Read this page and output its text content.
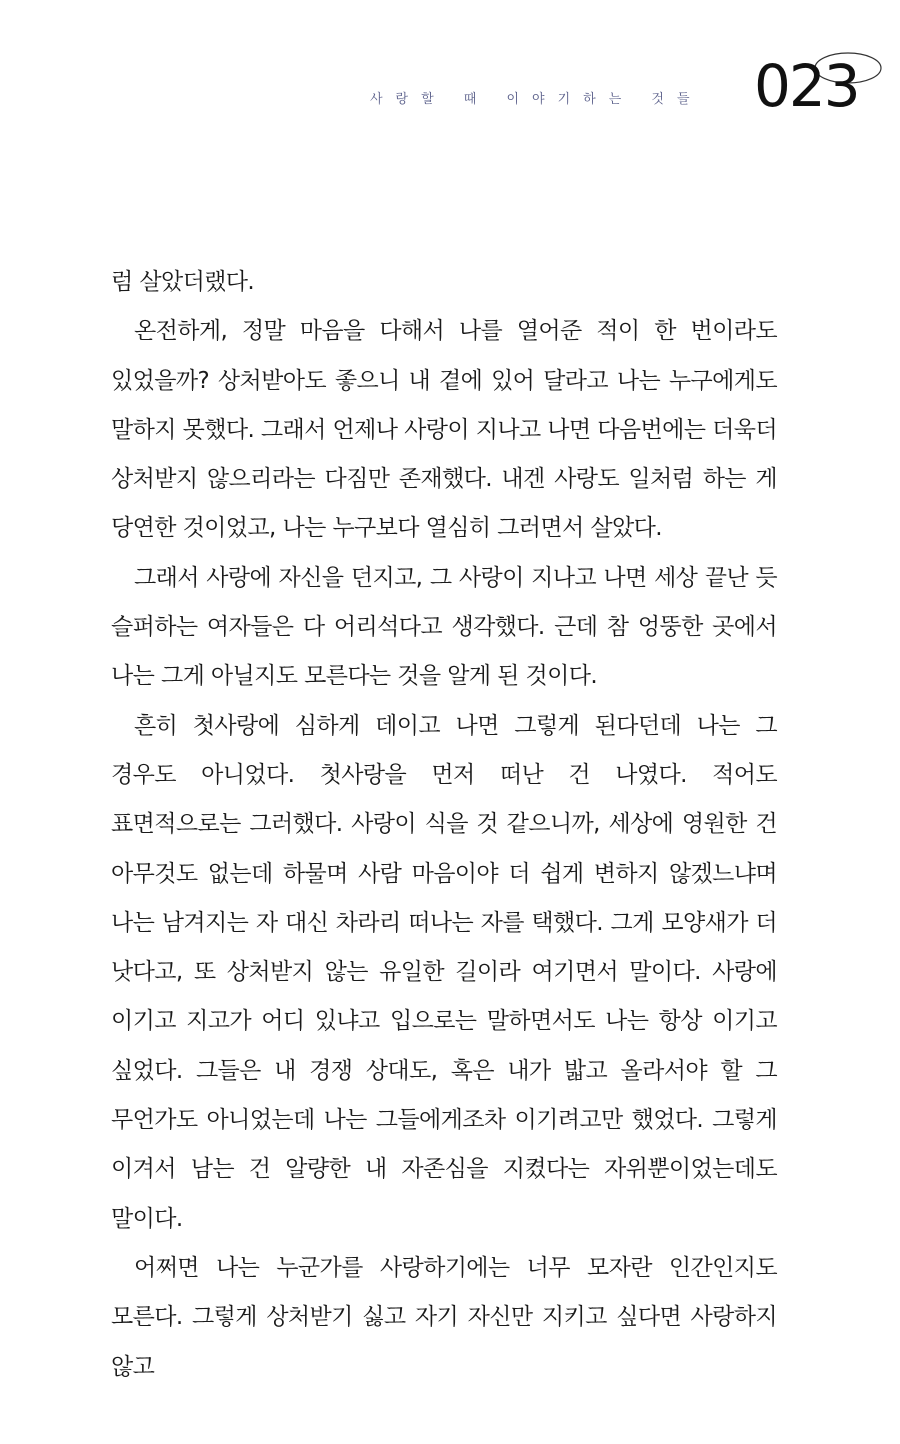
사랑할 때 이야기하는 것들 023

럼 살았더랬다.

온전하게, 정말 마음을 다해서 나를 열어준 적이 한 번이라도 있었을까? 상처받아도 좋으니 내 곁에 있어 달라고 나는 누구에게도 말하지 못했다. 그래서 언제나 사랑이 지나고 나면 다음번에는 더욱더 상처받지 않으리라는 다짐만 존재했다. 내겐 사랑도 일처럼 하는 게 당연한 것이었고, 나는 누구보다 열심히 그러면서 살았다.

그래서 사랑에 자신을 던지고, 그 사랑이 지나고 나면 세상 끝난 듯 슬퍼하는 여자들은 다 어리석다고 생각했다. 근데 참 엉뚱한 곳에서 나는 그게 아닐지도 모른다는 것을 알게 된 것이다.

흔히 첫사랑에 심하게 데이고 나면 그렇게 된다던데 나는 그 경우도 아니었다. 첫사랑을 먼저 떠난 건 나였다. 적어도 표면적으로는 그러했다. 사랑이 식을 것 같으니까, 세상에 영원한 건 아무것도 없는데 하물며 사람 마음이야 더 쉽게 변하지 않겠느냐며 나는 남겨지는 자 대신 차라리 떠나는 자를 택했다. 그게 모양새가 더 낫다고, 또 상처받지 않는 유일한 길이라 여기면서 말이다. 사랑에 이기고 지고가 어디 있냐고 입으로는 말하면서도 나는 항상 이기고 싶었다. 그들은 내 경쟁 상대도, 혹은 내가 밟고 올라서야 할 그 무언가도 아니었는데 나는 그들에게조차 이기려고만 했었다. 그렇게 이겨서 남는 건 알량한 내 자존심을 지켰다는 자위뿐이었는데도 말이다.

어쩌면 나는 누군가를 사랑하기에는 너무 모자란 인간인지도 모른다. 그렇게 상처받기 싫고 자기 자신만 지키고 싶다면 사랑하지 않고
